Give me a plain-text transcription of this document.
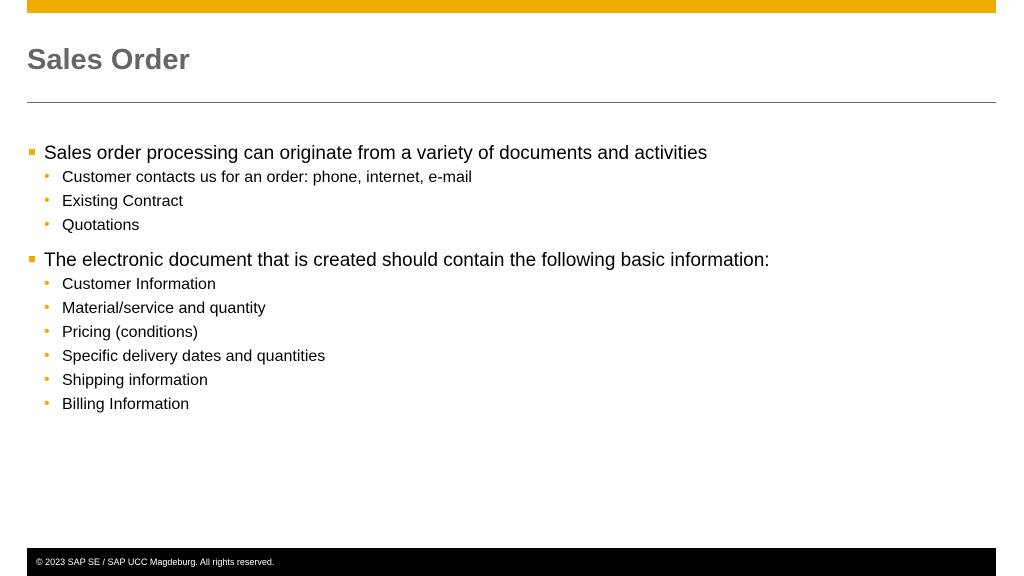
Sales Order
Sales order processing can originate from a variety of documents and activities
• Customer contacts us for an order: phone, internet, e-mail
• Existing Contract
• Quotations
The electronic document that is created should contain the following basic information:
• Customer Information
• Material/service and quantity
• Pricing (conditions)
• Specific delivery dates and quantities
• Shipping information
• Billing Information
© 2023 SAP SE / SAP UCC Magdeburg. All rights reserved.
